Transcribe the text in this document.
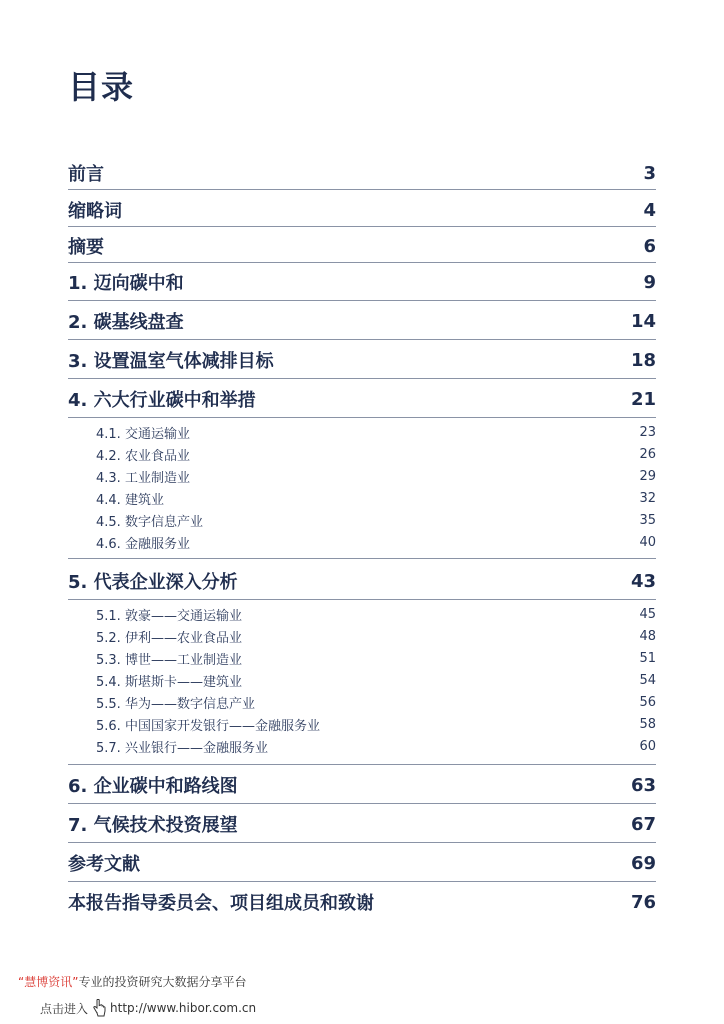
目录
前言	3
缩略词	4
摘要	6
1. 迈向碳中和	9
2. 碳基线盘查	14
3. 设置温室气体减排目标	18
4. 六大行业碳中和举措	21
4.1. 交通运输业	23
4.2. 农业食品业	26
4.3. 工业制造业	29
4.4. 建筑业	32
4.5. 数字信息产业	35
4.6. 金融服务业	40
5. 代表企业深入分析	43
5.1. 敦豪——交通运输业	45
5.2. 伊利——农业食品业	48
5.3. 博世——工业制造业	51
5.4. 斯堪斯卡——建筑业	54
5.5. 华为——数字信息产业	56
5.6. 中国国家开发银行——金融服务业	58
5.7. 兴业银行——金融服务业	60
6. 企业碳中和路线图	63
7. 气候技术投资展望	67
参考文献	69
本报告指导委员会、项目组成员和致谢	76
“慧博资讯”专业的投资研究大数据分享平台
点击进入 http://www.hibor.com.cn
